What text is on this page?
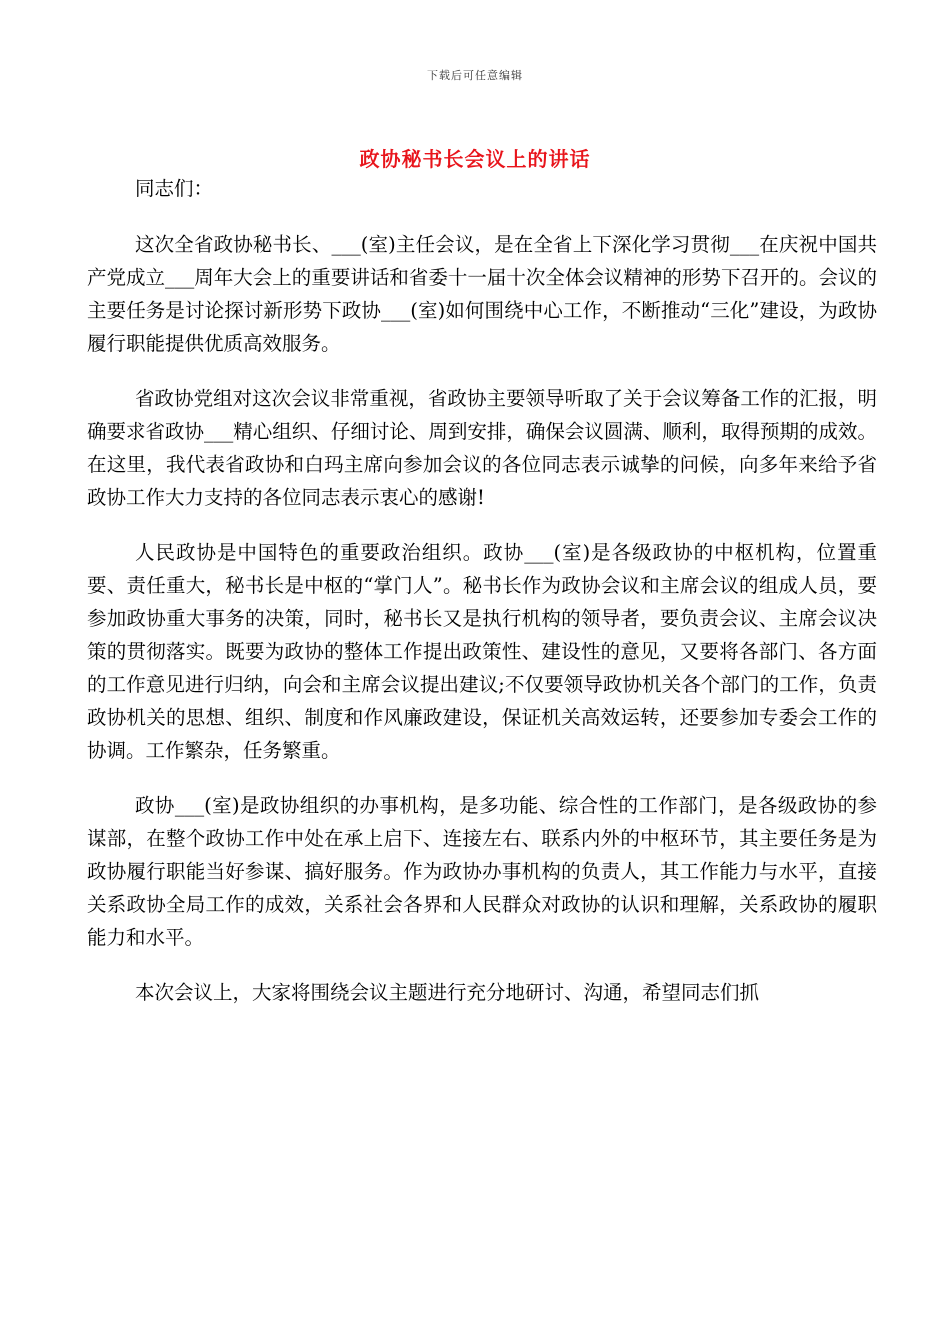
下载后可任意编辑
政协秘书长会议上的讲话

同志们：

这次全省政协秘书长、___(室)主任会议，是在全省上下深化学习贯彻___在庆祝中国共产党成立___周年大会上的重要讲话和省委十一届十次全体会议精神的形势下召开的。会议的主要任务是讨论探讨新形势下政协___(室)如何围绕中心工作，不断推动“三化”建设，为政协履行职能提供优质高效服务。

省政协党组对这次会议非常重视，省政协主要领导听取了关于会议筹备工作的汇报，明确要求省政协___精心组织、仔细讨论、周到安排，确保会议圆满、顺利，取得预期的成效。在这里，我代表省政协和白玛主席向参加会议的各位同志表示诚挚的问候，向多年来给予省政协工作大力支持的各位同志表示衷心的感谢!

人民政协是中国特色的重要政治组织。政协___(室)是各级政协的中枢机构，位置重要、责任重大，秘书长是中枢的“掌门人”。秘书长作为政协会议和主席会议的组成人员，要参加政协重大事务的决策，同时，秘书长又是执行机构的领导者，要负责会议、主席会议决策的贯彻落实。既要为政协的整体工作提出政策性、建设性的意见，又要将各部门、各方面的工作意见进行归纳，向会和主席会议提出建议;不仅要领导政协机关各个部门的工作，负责政协机关的思想、组织、制度和作风廉政建设，保证机关高效运转，还要参加专委会工作的协调。工作繁杂，任务繁重。

政协___(室)是政协组织的办事机构，是多功能、综合性的工作部门，是各级政协的参谋部，在整个政协工作中处在承上启下、连接左右、联系内外的中枢环节，其主要任务是为政协履行职能当好参谋、搞好服务。作为政协办事机构的负责人，其工作能力与水平，直接关系政协全局工作的成效，关系社会各界和人民群众对政协的认识和理解，关系政协的履职能力和水平。

本次会议上，大家将围绕会议主题进行充分地研讨、沟通，希望同志们抓
